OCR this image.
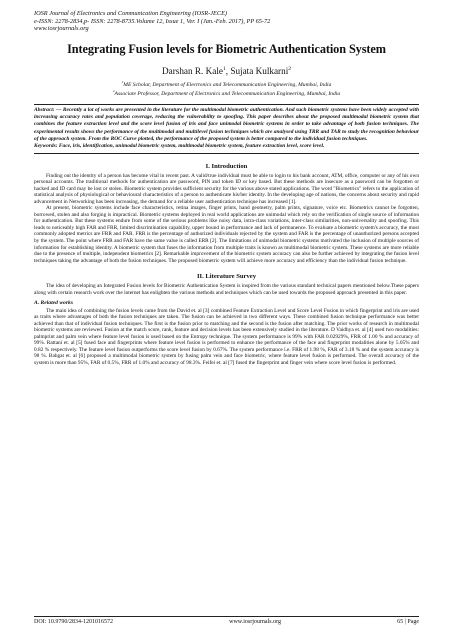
IOSR Journal of Electronics and Communication Engineering (IOSR-JECE)
e-ISSN: 2278-2834,p- ISSN: 2278-8735.Volume 12, Issue 1, Ver. I (Jan.-Feb. 2017), PP 65-72
www.iosrjournals.org
Integrating Fusion levels for Biometric Authentication System
Darshan R. Kale$^1$, Sujata Kulkarni$^2$
$^1$ME Scholar, Department of Electronics and Telecommunication Engineering, Mumbai, India
$^2$Associate Professor, Department of Electronics and Telecommunication Engineering, Mumbai, India
Abstract: — Recently a lot of works are presented in the literature for the multimodal biometric authentication. And such biometric systems have been widely accepted with increasing accuracy rates and population coverage, reducing the vulnerability to spoofing. This paper describes about the proposed multimodal biometric system that combines the feature extraction level and the score level fusion of iris and face unimodal biometric systems in order to take advantage of both fusion techniques. The experimental results shows the performance of the multimodal and multilevel fusion techniques which are analysed using TRR and TAR to study the recognition behaviour of the approach system. From the ROC Curve plotted, the performance of the proposed system is better compared to the individual fusion techniques.
Keywords: Face, iris, identification, unimodal biometric system, multimodal biometric system, feature extraction level, score level.
I. Introduction

Finding out the identity of a person has become vital in recent past. A valid/true individual must be able to login to his bank account, ATM, office, computer or any of his own personal accounts. The traditional methods for authentication are password, PIN and token ID or key based. But these methods are insecure as a password can be forgotten or hacked and ID card may be lost or stolen. Biometric system provides sufficient security for the various above stated applications. The word "Biometrics" refers to the application of statistical analysis of physiological or behavioural characteristics of a person to authenticate his/her identity. In the developing age of nations, the concerns about security and rapid advancement in Networking has been increasing, the demand for a reliable user authentication technique has increased [1].

At present, biometric systems include face characteristics, retina images, finger prints, hand geometry, palm prints, signature, voice etc. Biometrics cannot be forgotten, borrowed, stolen and also forging is impractical. Biometric systems deployed in real world applications are unimodal which rely on the verification of single source of information for authentication. But these systems endure from some of the serious problems like noisy data, intra-class variations, inter-class similarities, non-universality and spoofing. This leads to noticeably high FAR and FRR, limited discrimination capability, upper bound in performance and lack of permanence. To evaluate a biometric system's accuracy, the most commonly adopted metrics are FRR and FAR. FRR is the percentage of authorized individuals rejected by the system and FAR is the percentage of unauthorized persons accepted by the system. The point where FRR and FAR have the same value is called ERR [2]. The limitations of unimodal biometric systems motivated the inclusion of multiple sources of information for establishing identity. A biometric system that fuses the information from multiple traits is known as multimodal biometric system. These systems are more reliable due to the presence of multiple, independent biometrics [2]. Remarkable improvement of the biometric system accuracy can also be further achieved by integrating the fusion level techniques taking the advantage of both the fusion techniques. The proposed biometric system will achieve more accuracy and efficiency than the individual fusion technique.

II. Literature Survey

The idea of developing an Integrated Fusion levels for Biometric Authentication System is inspired from the various standard technical papers mentioned below.These papers along with certain research work over the internet has enlighten the various methods and techniques which can be used towards the proposed approach presented in this paper.

A. Related works

The main idea of combining the fusion levels came from the David et. al [3] combined Feature Extraction Level and Score Level Fusion in which fingerprint and iris are used as traits where advantages of both the fusion techniques are taken. The fusion can be achieved in two different ways. These combined fusion technique performance was better achieved than that of individual fusion techniques. The first is the fusion prior to matching and the second is the fusion after matching. The prior works of research in multimodal biometric systems are reviewed. Fusion at the match score, rank, feature and decision levels has been extensively studied in the literature. D Vaidhya et. al [4] used two modalities: palmprint and palm vein where feature level fusion is used based on the Entropy technique. The system performance is 99% with FAR 0.02929%, FRR of 1.00 % and accuracy of 99%. Rattani et. al [5] fused face and fingerprints where feature level fusion is performed to enhance the performance of the face and fingerprint modalities alone by 5.05% and 0.82 % respectively. The feature level fusion outperforms the score level fusion by 0.67%. The system performance i.e. FRR of 1.98 %, FAR of 3.18 % and the system accuracy is 98 %. Bahgat et. al [6] proposed a multimodal biometric system by fusing palm vein and face biometric, where feature level fusion is performed. The overall accuracy of the system is more than 95%, FAR of 0.5%, FRR of 1.0% and accuracy of 98.3%. Feifei et. al [7] fused the fingerprint and finger vein where score level fusion is performed.

DOI: 10.9790/2834-1201016572	www.iosrjournals.org	65 | Page
